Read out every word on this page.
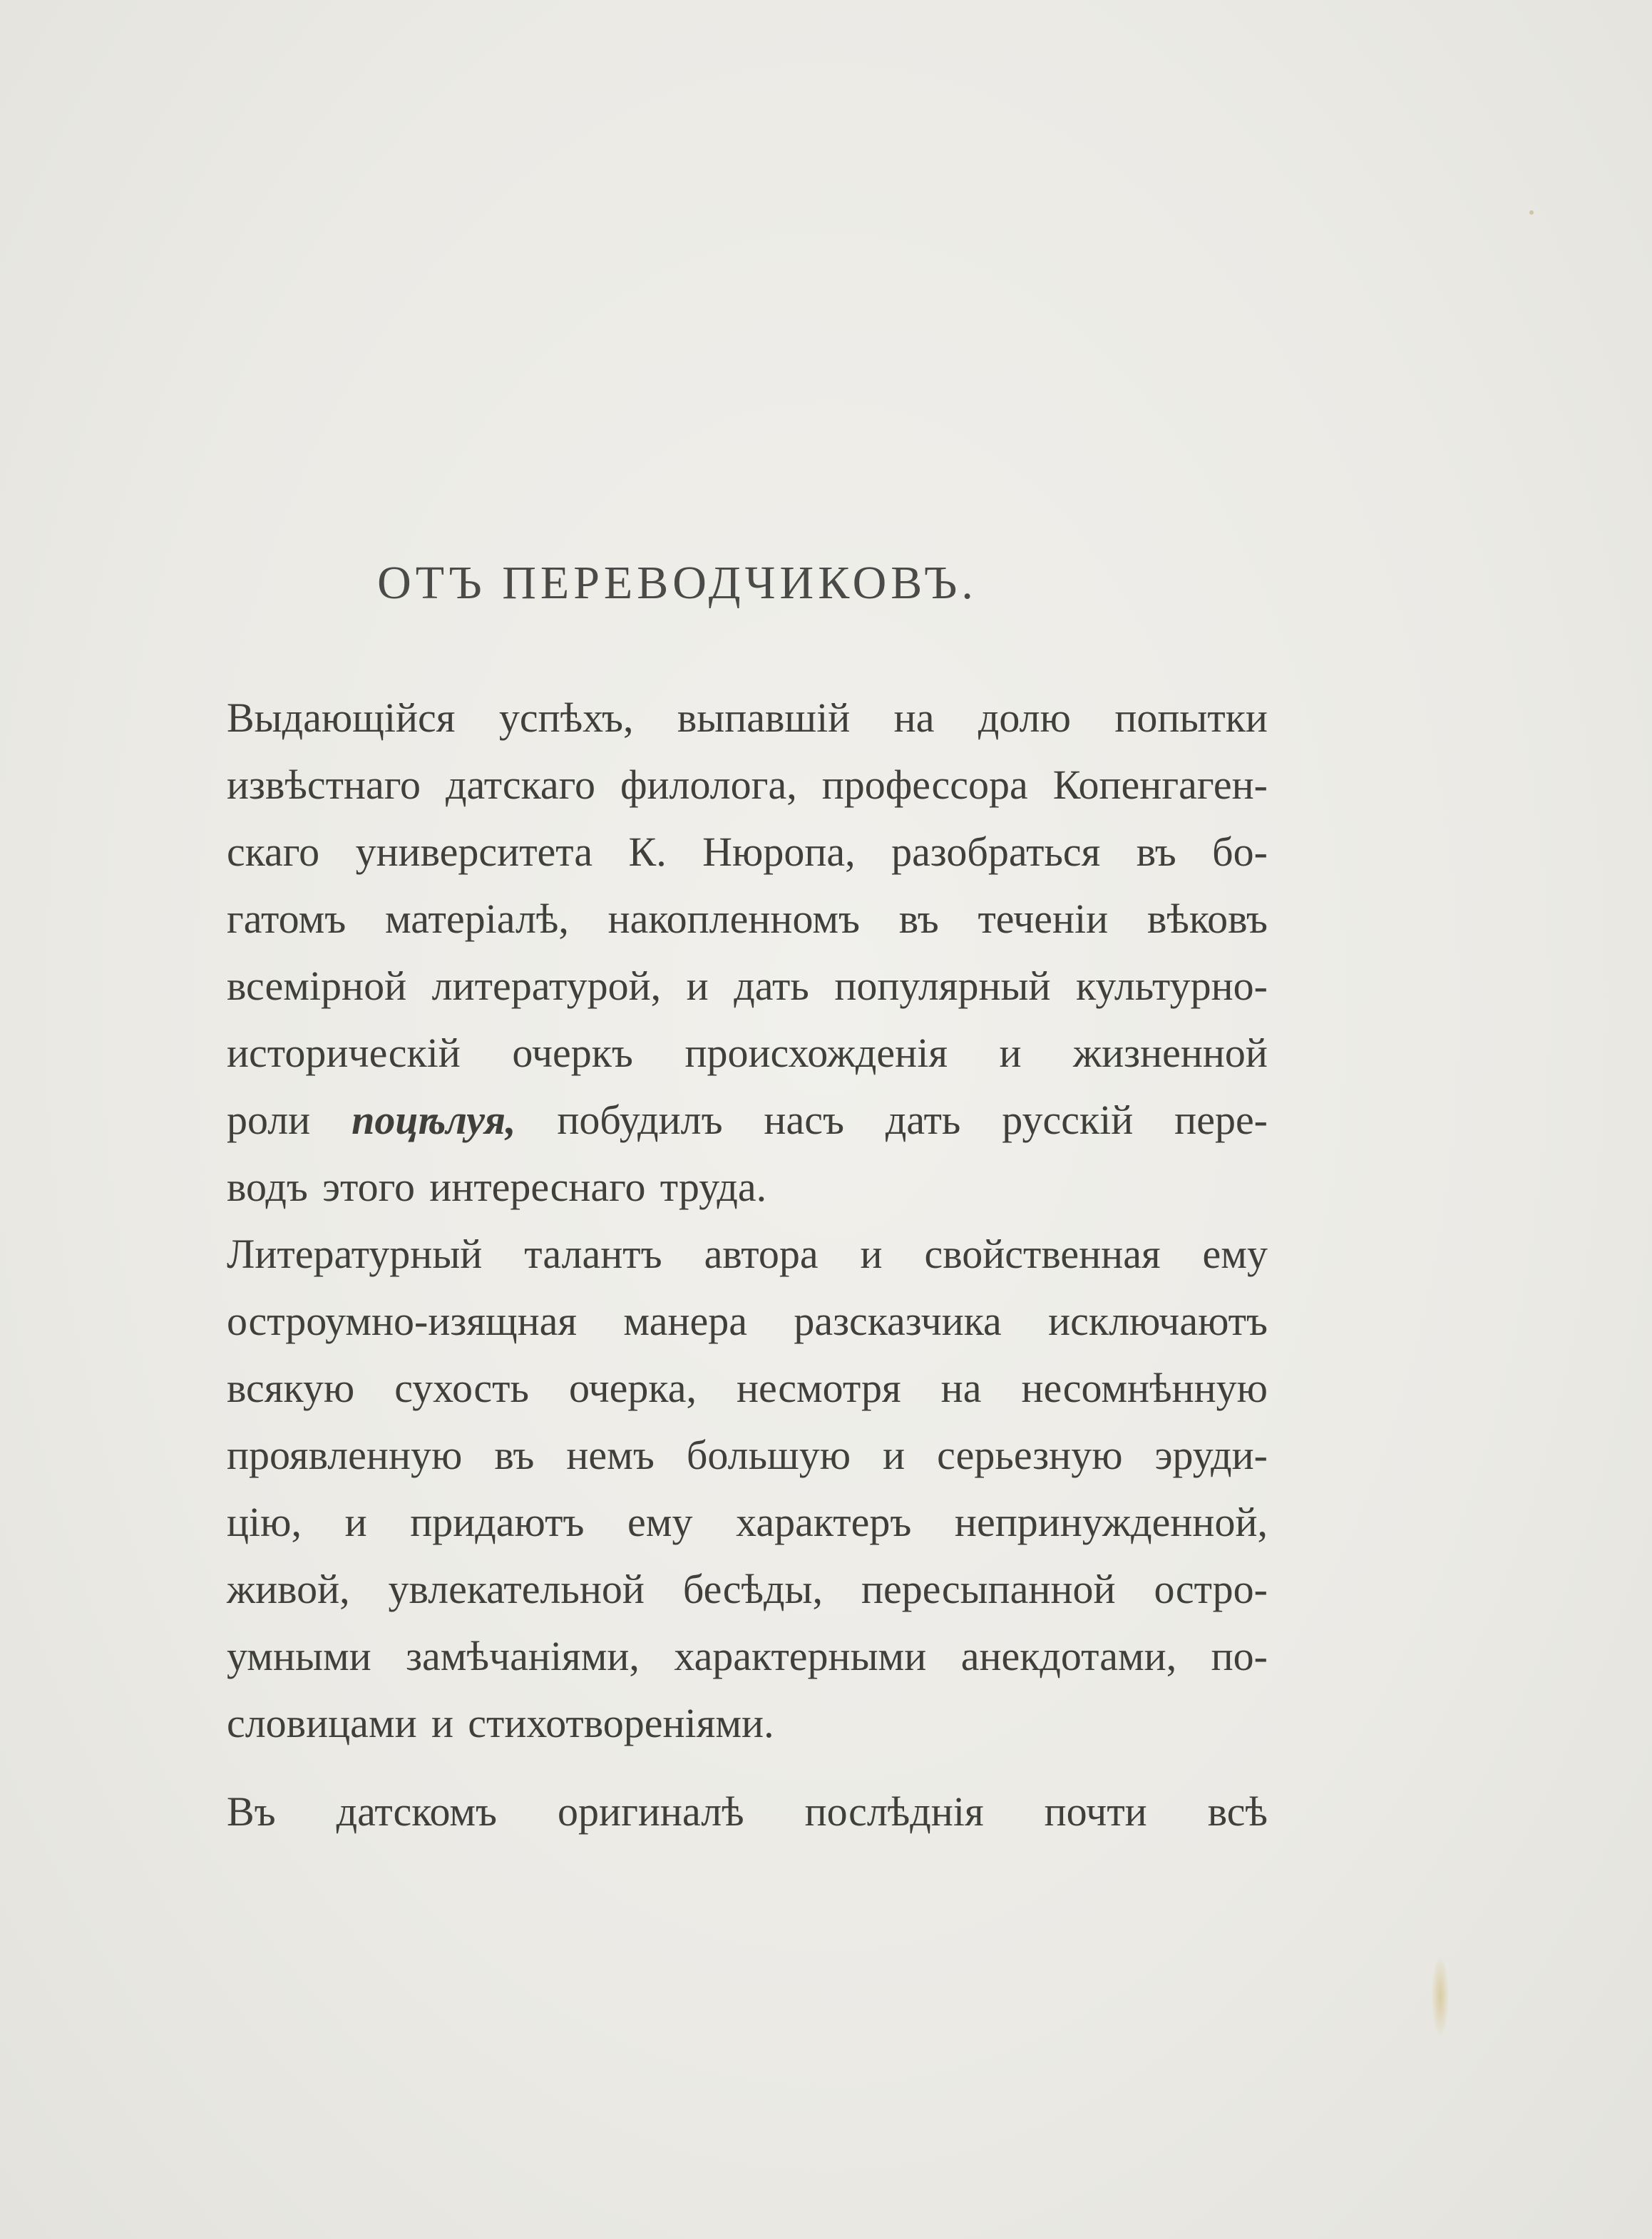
ОТЪ ПЕРЕВОДЧИКОВЪ.
Выдающійся успѣхъ, выпавшій на долю попытки
извѣстнаго датскаго филолога, профессора Копенгаген-
скаго университета К. Нюропа, разобраться въ бо-
гатомъ матеріалѣ, накопленномъ въ теченіи вѣковъ
всемірной литературой, и дать популярный культурно-
историческій очеркъ происхожденія и жизненной
роли поцѣлуя, побудилъ насъ дать русскій пере-
водъ этого интереснаго труда.
Литературный талантъ автора и свойственная ему
остроумно-изящная манера разсказчика исключаютъ
всякую сухость очерка, несмотря на несомнѣнную
проявленную въ немъ большую и серьезную эруди-
цію, и придаютъ ему характеръ непринужденной,
живой, увлекательной бесѣды, пересыпанной остро-
умными замѣчаніями, характерными анекдотами, по-
словицами и стихотвореніями.
Въ датскомъ оригиналѣ послѣднія почти всѣ
